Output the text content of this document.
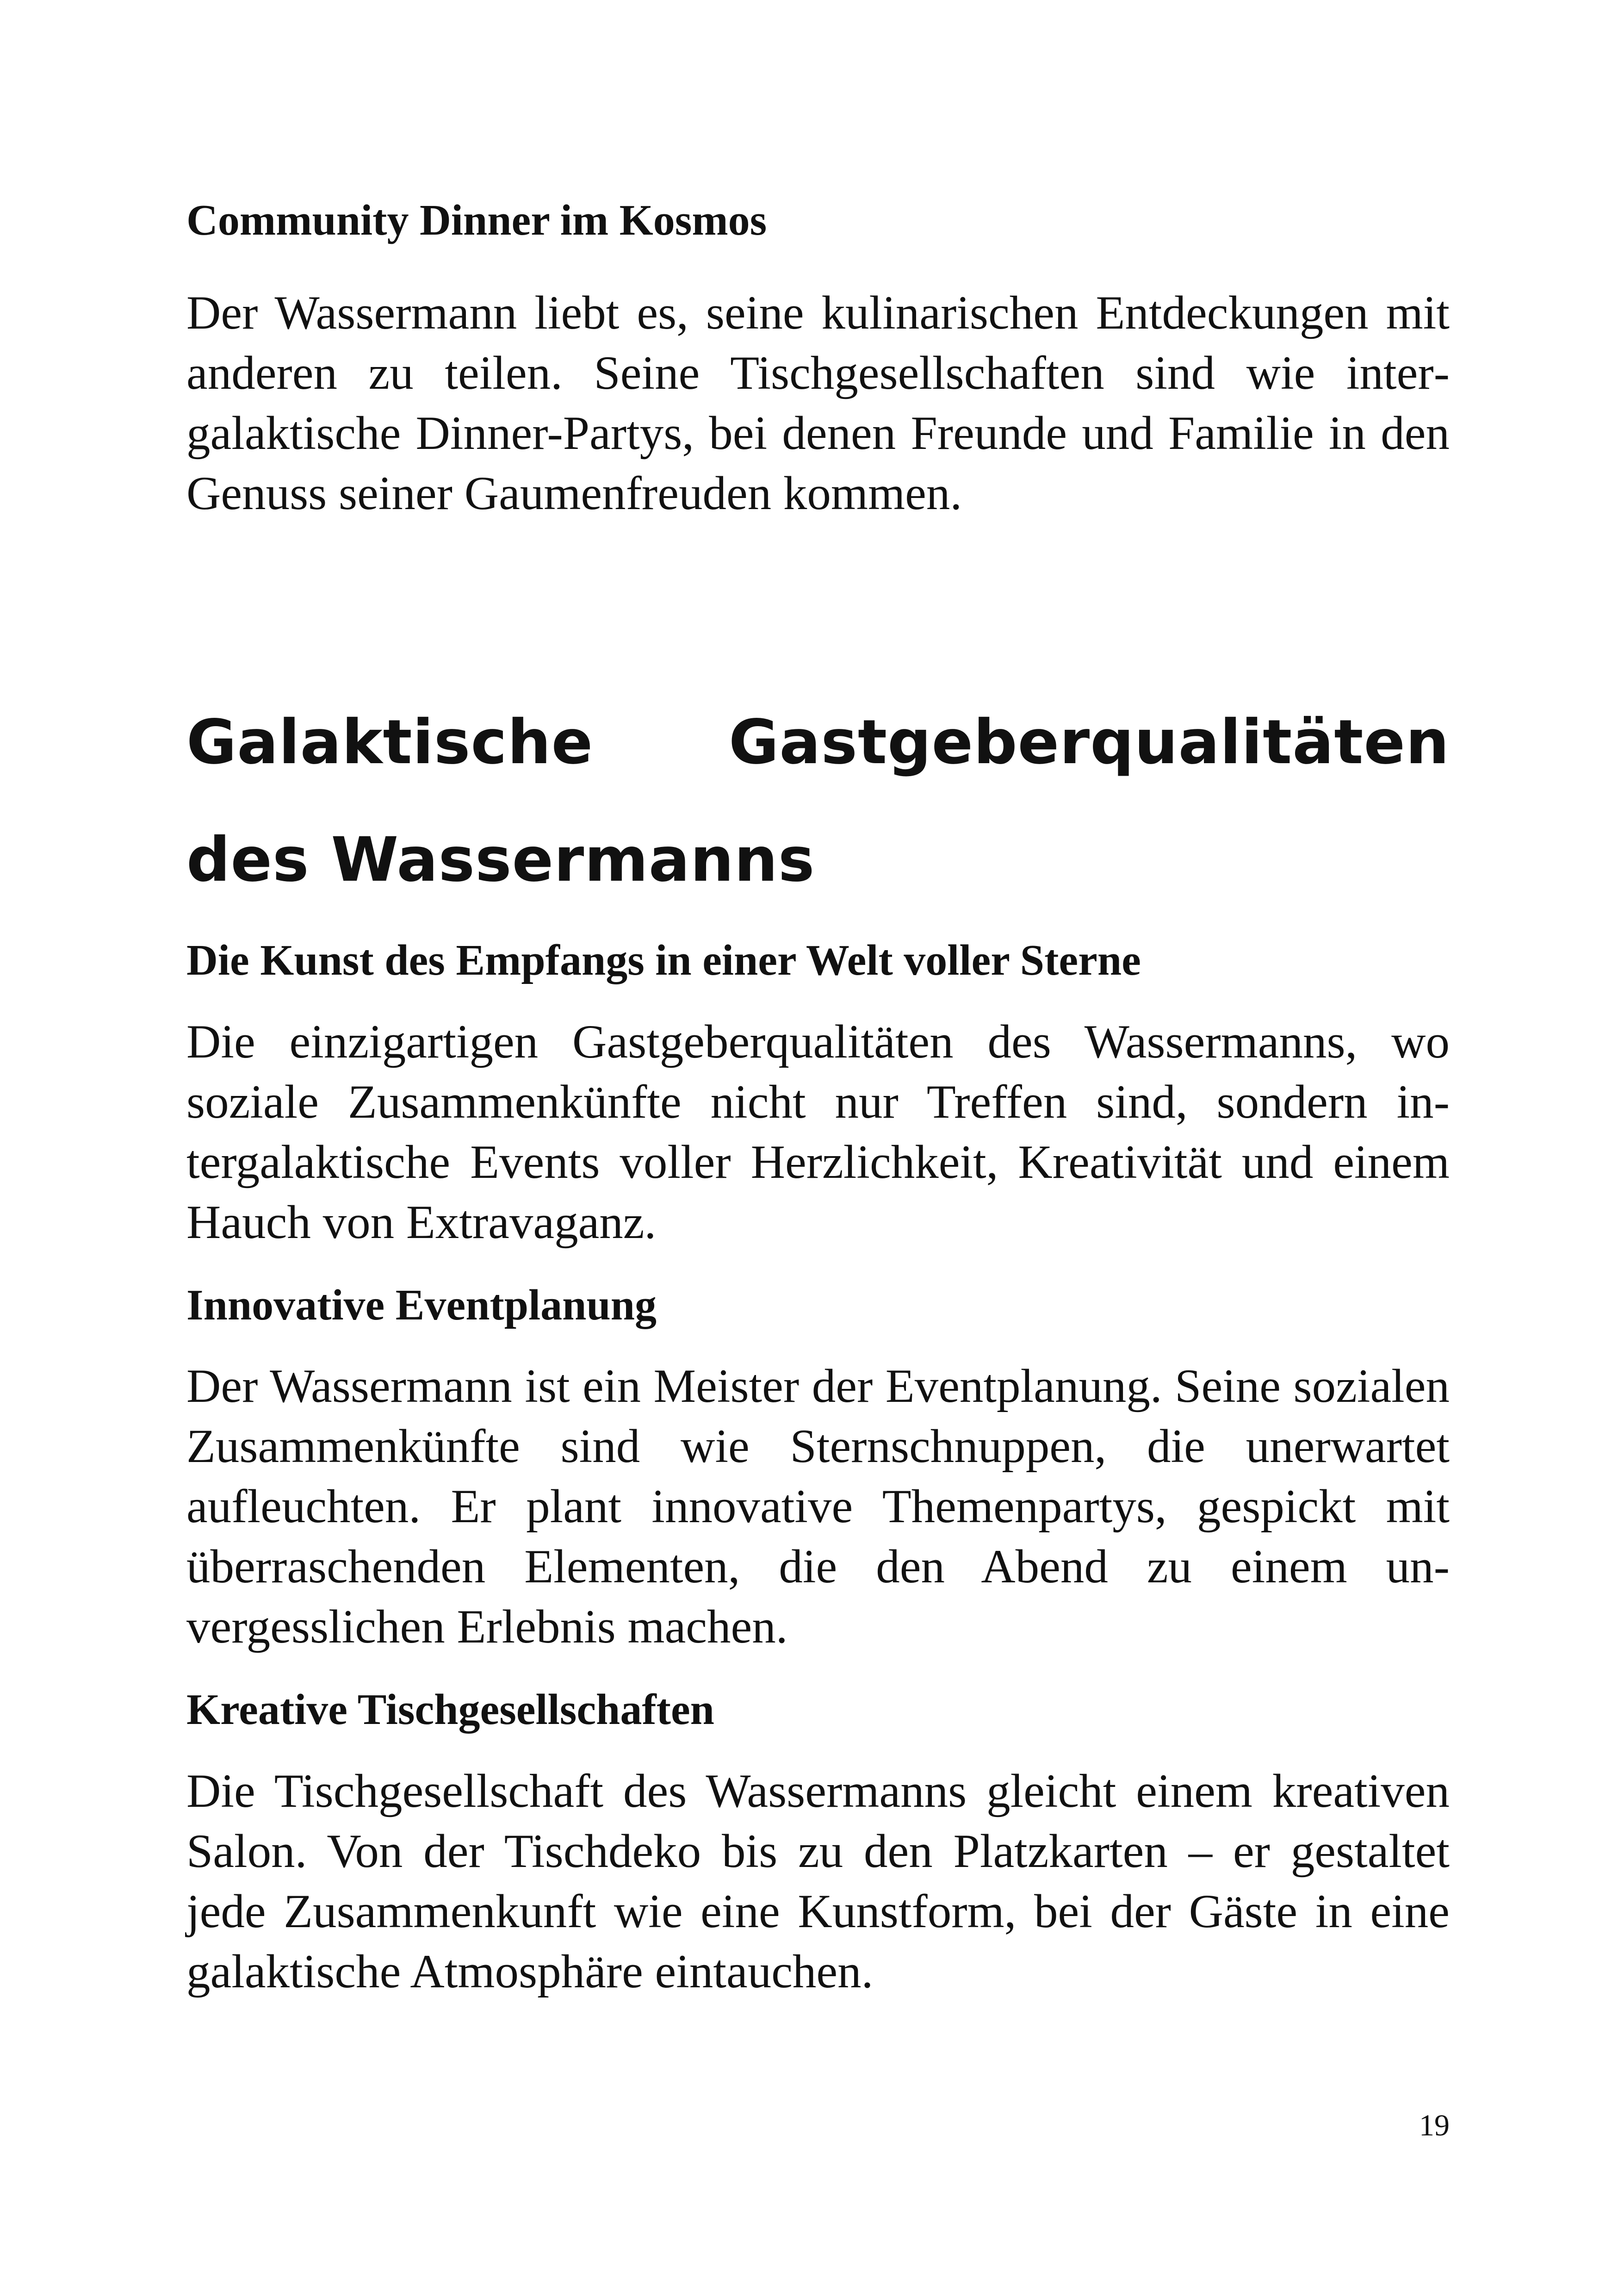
Community Dinner im Kosmos

Der Wassermann liebt es, seine kulinarischen Entdeckungen mit anderen zu teilen. Seine Tischgesellschaften sind wie intergalaktische Dinner-Partys, bei denen Freunde und Familie in den Genuss seiner Gaumenfreuden kommen.

Galaktische Gastgeberqualitäten des Wassermanns
Die Kunst des Empfangs in einer Welt voller Sterne

Die einzigartigen Gastgeberqualitäten des Wassermanns, wo soziale Zusammenkünfte nicht nur Treffen sind, sondern intergalaktische Events voller Herzlichkeit, Kreativität und einem Hauch von Extravaganz.

Innovative Eventplanung

Der Wassermann ist ein Meister der Eventplanung. Seine sozialen Zusammenkünfte sind wie Sternschnuppen, die unerwartet aufleuchten. Er plant innovative Themenpartys, gespickt mit überraschenden Elementen, die den Abend zu einem unvergesslichen Erlebnis machen.

Kreative Tischgesellschaften

Die Tischgesellschaft des Wassermanns gleicht einem kreativen Salon. Von der Tischdeko bis zu den Platzkarten – er gestaltet jede Zusammenkunft wie eine Kunstform, bei der Gäste in eine galaktische Atmosphäre eintauchen.

19
